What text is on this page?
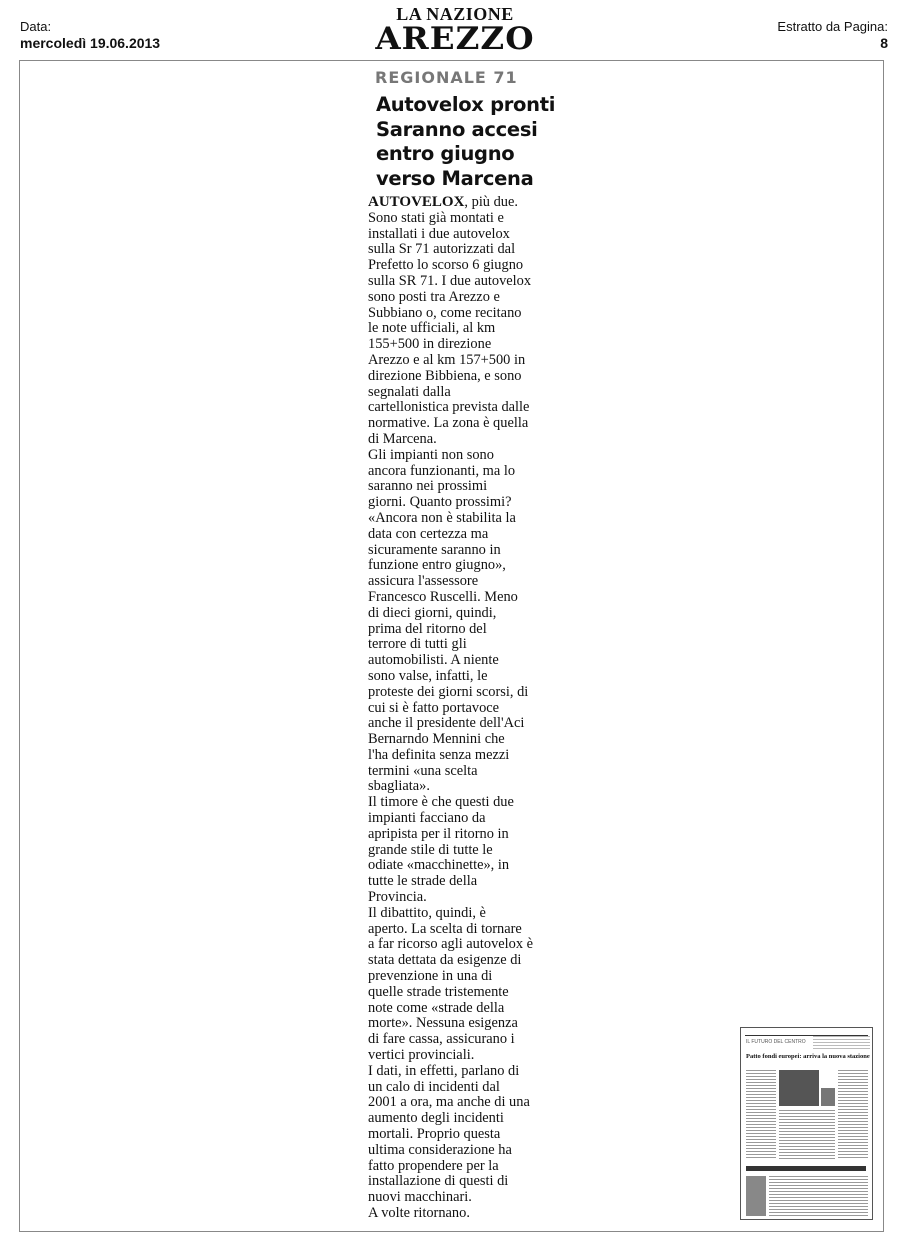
Data:
mercoledì 19.06.2013
LA NAZIONE
AREZZO	Estratto da Pagina:
8
REGIONALE 71
Autovelox pronti
Saranno accesi
entro giugno
verso Marcena
AUTOVELOX, più due.
Sono stati già montati e
installati i due autovelox
sulla Sr 71 autorizzati dal
Prefetto lo scorso 6 giugno
sulla SR 71. I due autovelox
sono posti tra Arezzo e
Subbiano o, come recitano
le note ufficiali, al km
155+500 in direzione
Arezzo e al km 157+500 in
direzione Bibbiena, e sono
segnalati dalla
cartellonistica prevista dalle
normative. La zona è quella
di Marcena.
Gli impianti non sono
ancora funzionanti, ma lo
saranno nei prossimi
giorni. Quanto prossimi?
«Ancora non è stabilita la
data con certezza ma
sicuramente saranno in
funzione entro giugno»,
assicura l'assessore
Francesco Ruscelli. Meno
di dieci giorni, quindi,
prima del ritorno del
terrore di tutti gli
automobilisti. A niente
sono valse, infatti, le
proteste dei giorni scorsi, di
cui si è fatto portavoce
anche il presidente dell'Aci
Bernarndo Mennini che
l'ha definita senza mezzi
termini «una scelta
sbagliata».
Il timore è che questi due
impianti facciano da
apripista per il ritorno in
grande stile di tutte le
odiate «macchinette», in
tutte le strade della
Provincia.
Il dibattito, quindi, è
aperto. La scelta di tornare
a far ricorso agli autovelox è
stata dettata da esigenze di
prevenzione in una di
quelle strade tristemente
note come «strade della
morte». Nessuna esigenza
di fare cassa, assicurano i
vertici provinciali.
I dati, in effetti, parlano di
un calo di incidenti dal
2001 a ora, ma anche di una
aumento degli incidenti
mortali. Proprio questa
ultima considerazione ha
fatto propendere per la
installazione di questi di
nuovi macchinari.
A volte ritornano.
IL FUTURO DEL CENTRO
Patto fondi europei: arriva la nuova stazione
